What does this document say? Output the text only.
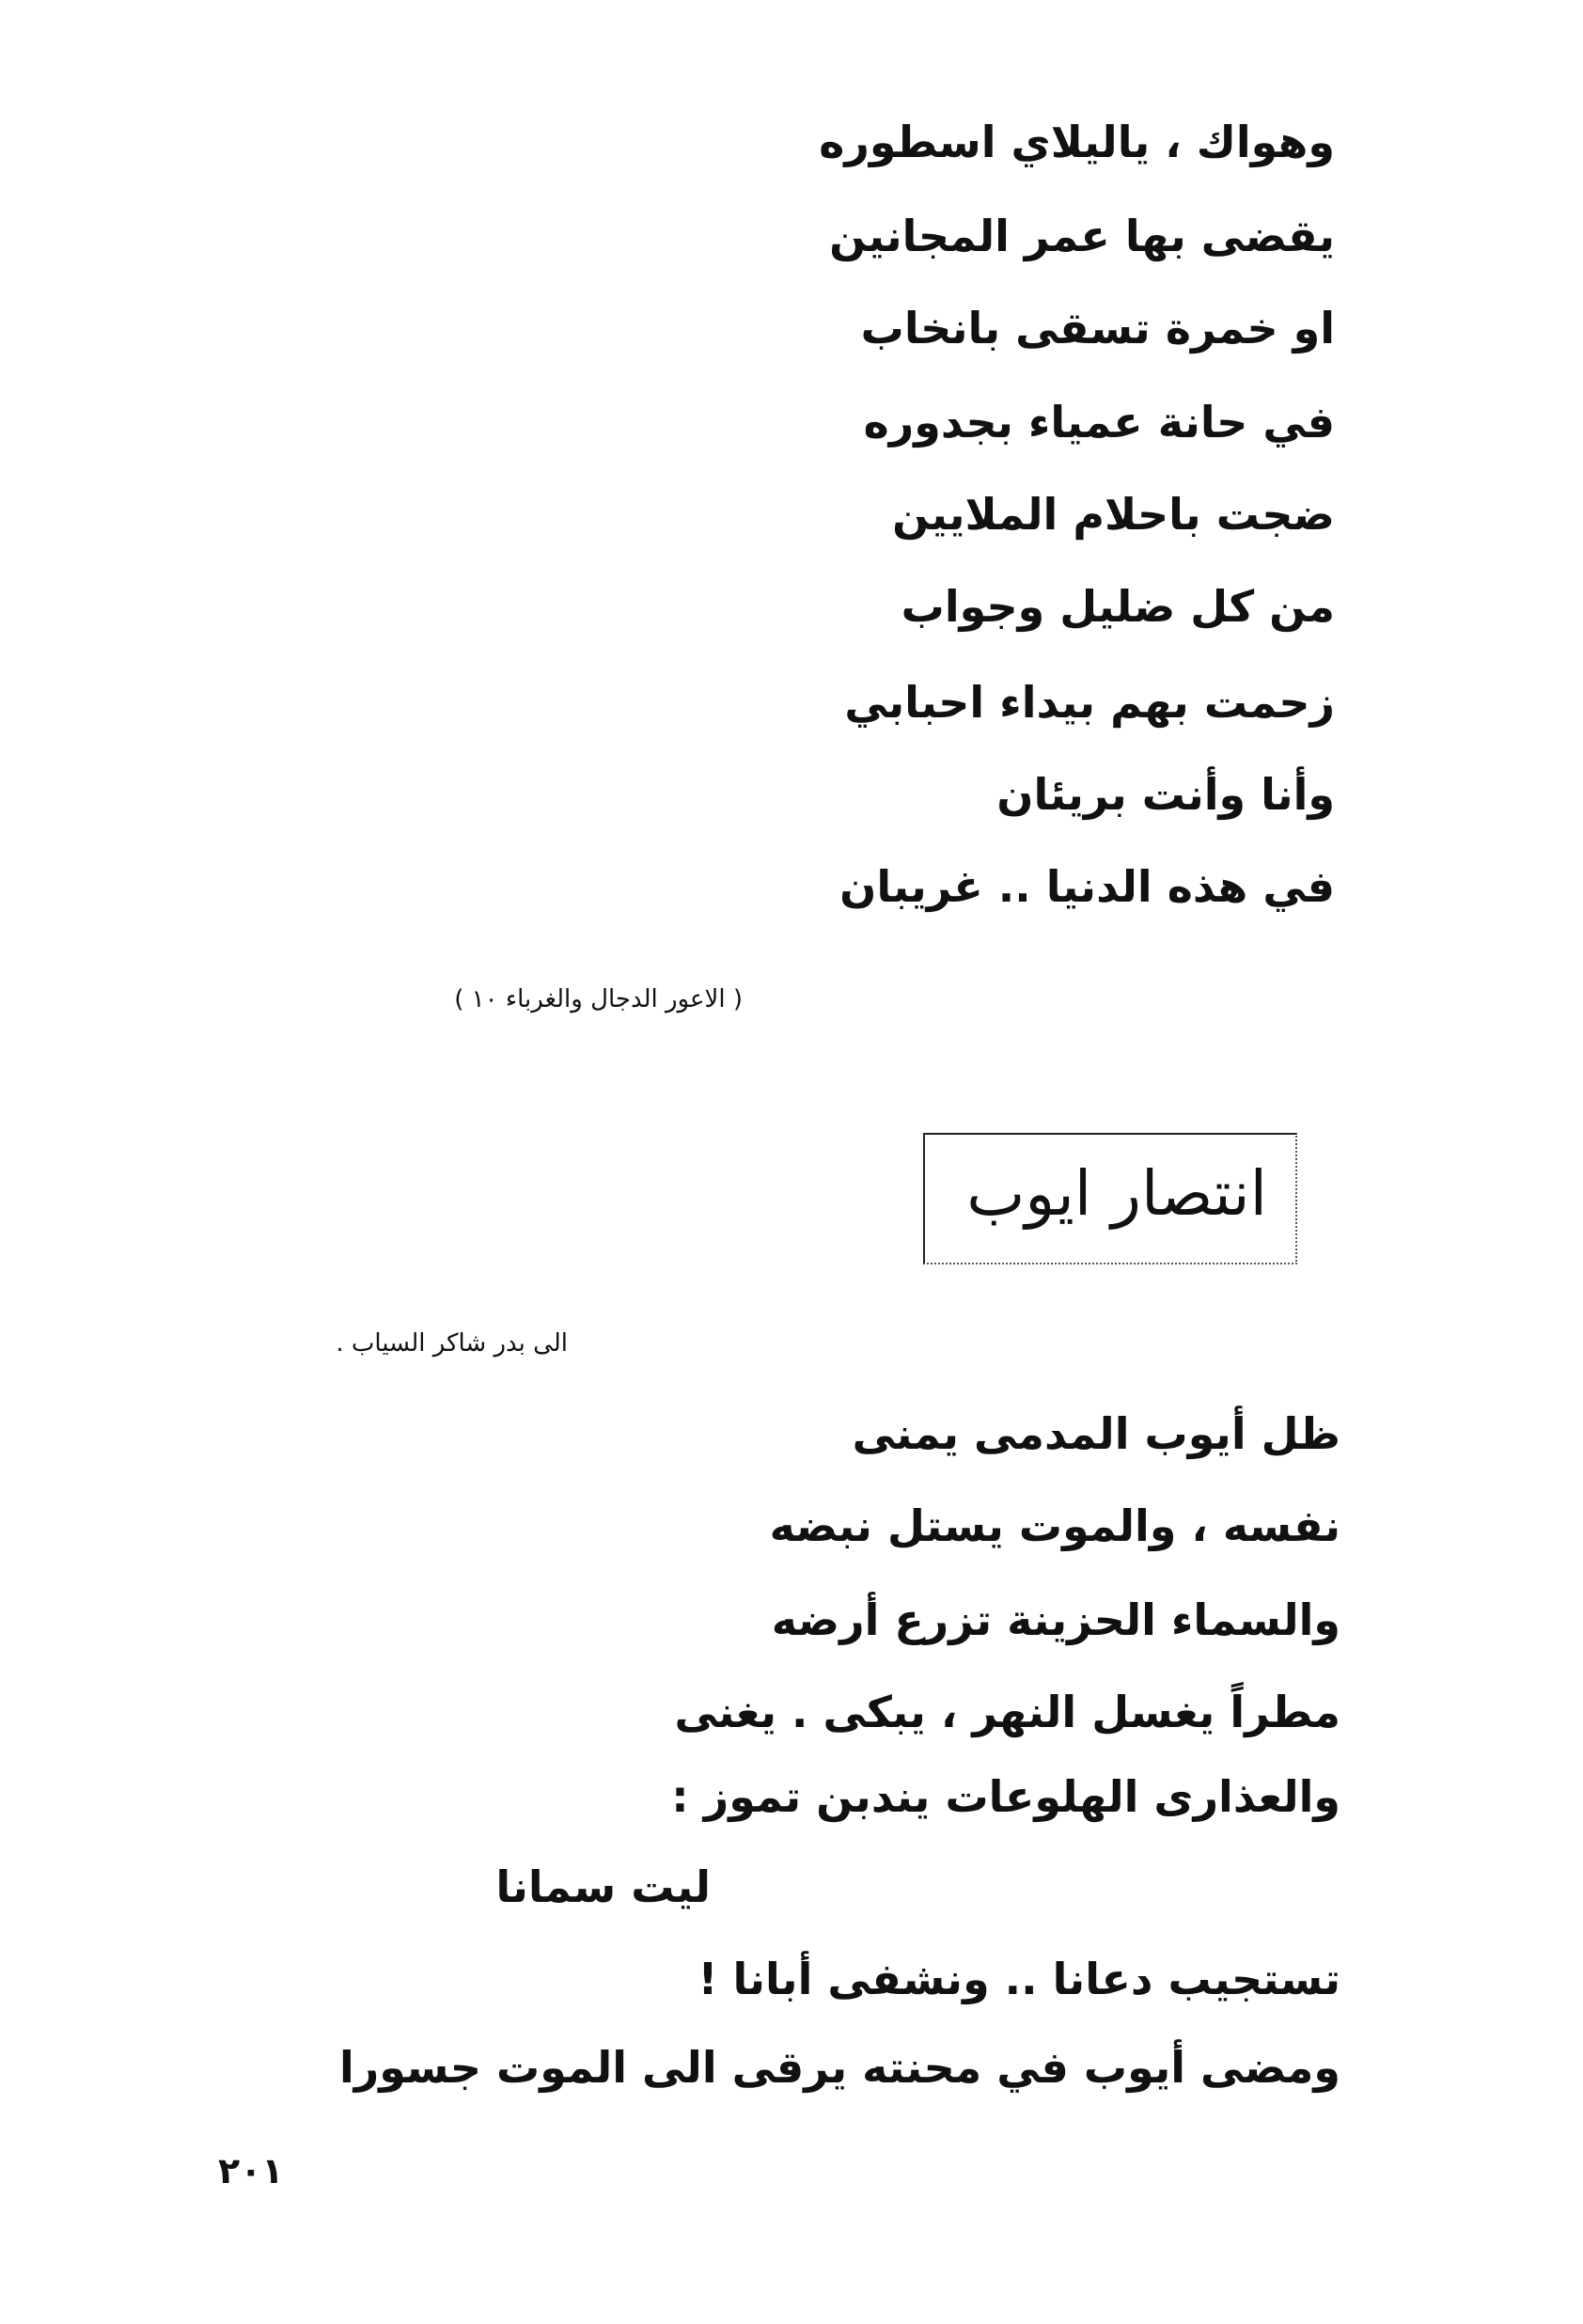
وهواك ، ياليلاي اسطوره
يقضى بها عمر المجانين
او خمرة تسقى بانخاب
في حانة عمياء بجدوره
ضجت باحلام الملايين
من كل ضليل وجواب
زحمت بهم بيداء احبابي
وأنا وأنت بريئان
في هذه الدنيا .. غريبان
( الاعور الدجال والغرباء ١٠ )
انتصار ايوب
الى بدر شاكر السياب .
ظل أيوب المدمى يمنى
نفسه ، والموت يستل نبضه
والسماء الحزينة تزرع أرضه
مطراً يغسل النهر ، يبكى . يغنى
والعذارى الهلوعات يندبن تموز :
ليت سمانا
تستجيب دعانا .. ونشفى أبانا !
ومضى أيوب في محنته يرقى الى الموت جسورا
٢٠١
